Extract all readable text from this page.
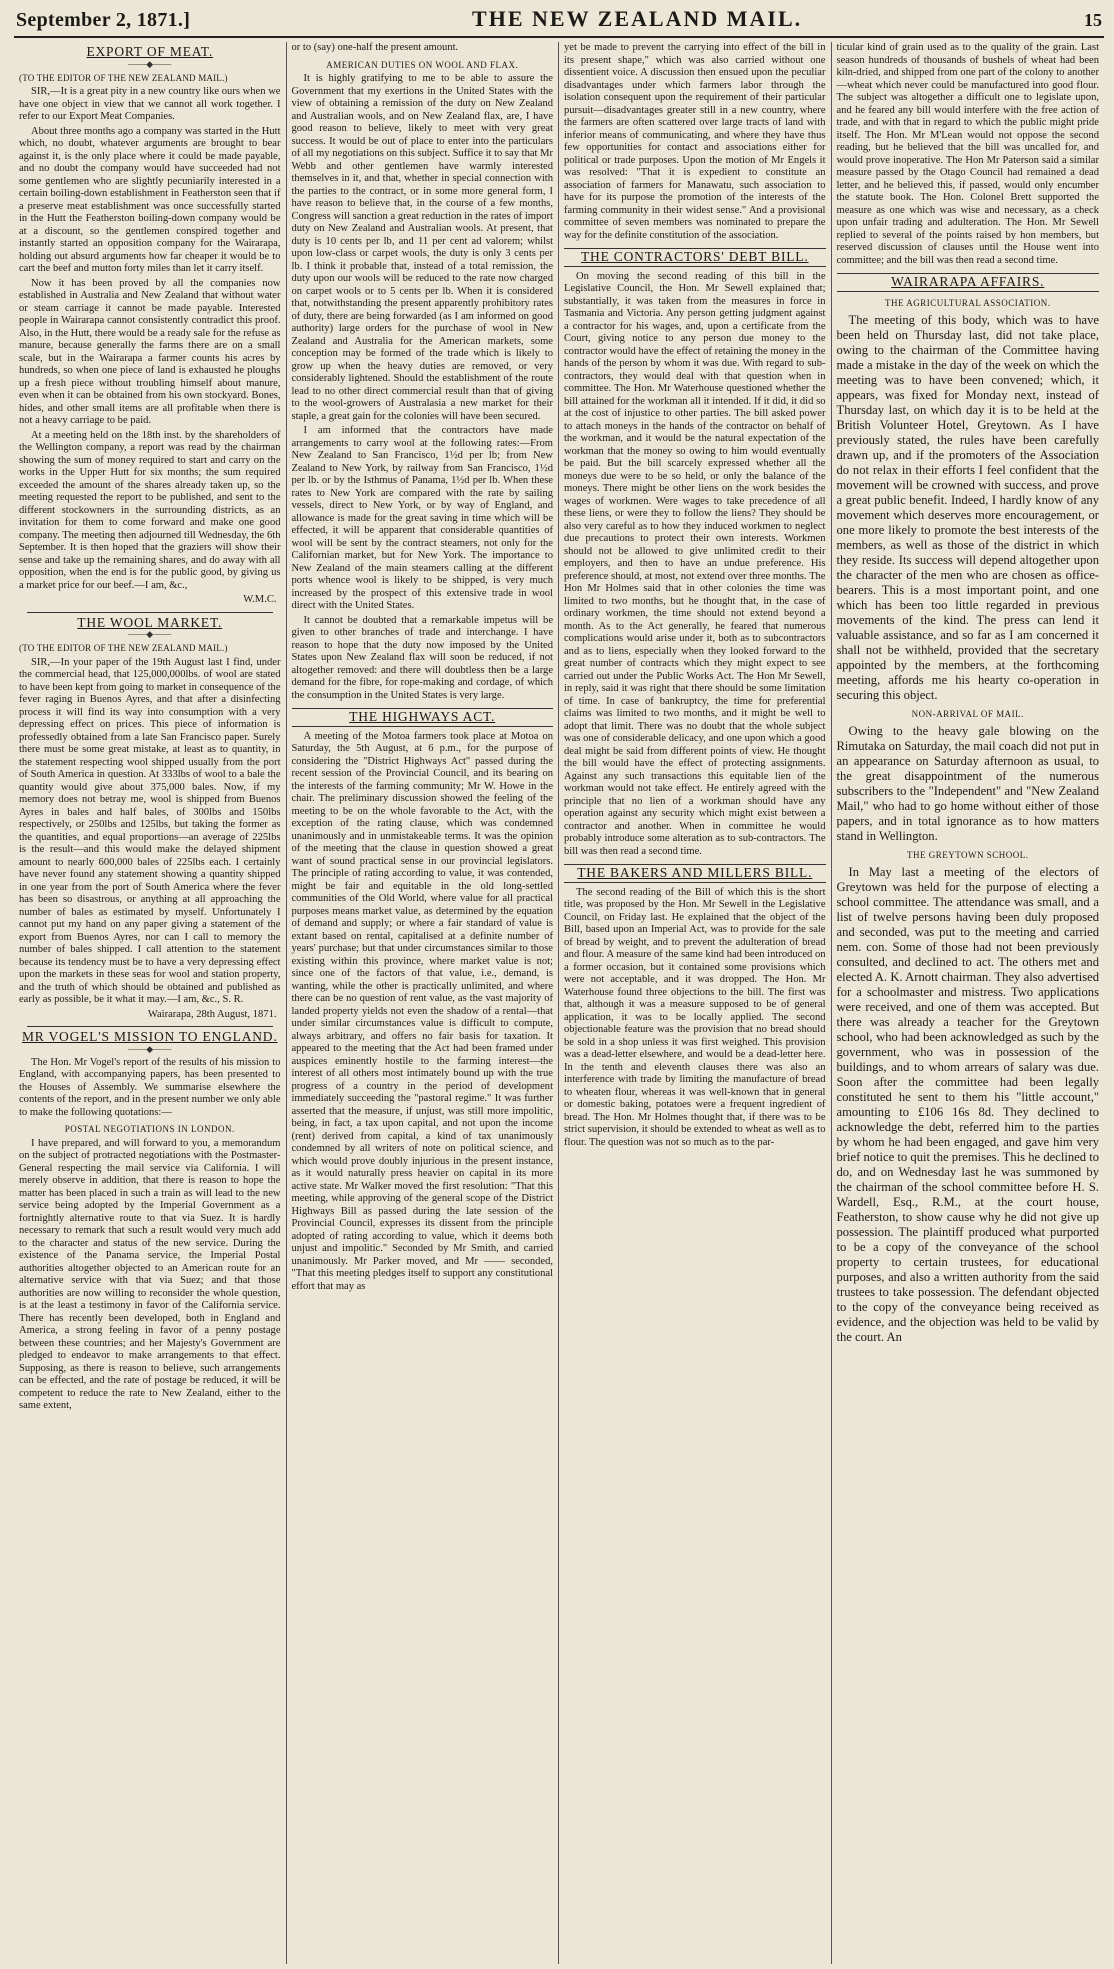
September 2, 1871.]	THE NEW ZEALAND MAIL.	15
EXPORT OF MEAT.
——◆——
(TO THE EDITOR OF THE NEW ZEALAND MAIL.)

SIR,—It is a great pity in a new country like ours when we have one object in view that we cannot all work together. I refer to our Export Meat Companies.

About three months ago a company was started in the Hutt which, no doubt, whatever arguments are brought to bear against it, is the only place where it could be made payable, and no doubt the company would have succeeded had not some gentlemen who are slightly pecuniarily interested in a certain boiling-down establishment in Featherston seen that if a preserve meat establishment was once successfully started in the Hutt the Featherston boiling-down company would be at a discount, so the gentlemen conspired together and instantly started an opposition company for the Wairarapa, holding out absurd arguments how far cheaper it would be to cart the beef and mutton forty miles than let it carry itself.

Now it has been proved by all the companies now established in Australia and New Zealand that without water or steam carriage it cannot be made payable. Interested people in Wairarapa cannot consistently contradict this proof. Also, in the Hutt, there would be a ready sale for the refuse as manure, because generally the farms there are on a small scale, but in the Wairarapa a farmer counts his acres by hundreds, so when one piece of land is exhausted he ploughs up a fresh piece without troubling himself about manure, even when it can be obtained from his own stockyard. Bones, hides, and other small items are all profitable when there is not a heavy carriage to be paid.

At a meeting held on the 18th inst. by the shareholders of the Wellington company, a report was read by the chairman showing the sum of money required to start and carry on the works in the Upper Hutt for six months; the sum required exceeded the amount of the shares already taken up, so the meeting requested the report to be published, and sent to the different stockowners in the surrounding districts, as an invitation for them to come forward and make one good company. The meeting then adjourned till Wednesday, the 6th September. It is then hoped that the graziers will show their sense and take up the remaining shares, and do away with all opposition, when the end is for the public good, by giving us a market price for our beef.—I am, &c.,

W.M.C.
THE WOOL MARKET.
——◆——
(TO THE EDITOR OF THE NEW ZEALAND MAIL.)

SIR,—In your paper of the 19th August last I find, under the commercial head, that 125,000,000lbs. of wool are stated to have been kept from going to market in consequence of the fever raging in Buenos Ayres, and that after a disinfecting process it will find its way into consumption with a very depressing effect on prices. This piece of information is professedly obtained from a late San Francisco paper. Surely there must be some great mistake, at least as to quantity, in the statement respecting wool shipped usually from the port of South America in question. At 333lbs of wool to a bale the quantity would give about 375,000 bales. Now, if my memory does not betray me, wool is shipped from Buenos Ayres in bales and half bales, of 300lbs and 150lbs respectively, or 250lbs and 125lbs, but taking the former as the quantities, and equal proportions—an average of 225lbs is the result—and this would make the delayed shipment amount to nearly 600,000 bales of 225lbs each. I certainly have never found any statement showing a quantity shipped in one year from the port of South America where the fever has been so disastrous, or anything at all approaching the number of bales as estimated by myself. Unfortunately I cannot put my hand on any paper giving a statement of the export from Buenos Ayres, nor can I call to memory the number of bales shipped. I call attention to the statement because its tendency must be to have a very depressing effect upon the markets in these seas for wool and station property, and the truth of which should be obtained and published as early as possible, be it what it may.—I am, &c., S. R.

Wairarapa, 28th August, 1871.
MR VOGEL'S MISSION TO ENGLAND.
——◆——

The Hon. Mr Vogel's report of the results of his mission to England, with accompanying papers, has been presented to the Houses of Assembly. We summarise elsewhere the contents of the report, and in the present number we only able to make the following quotations:—

POSTAL NEGOTIATIONS IN LONDON.

I have prepared, and will forward to you, a memorandum on the subject of protracted negotiations with the Postmaster-General respecting the mail service via California. I will merely observe in addition, that there is reason to hope the matter has been placed in such a train as will lead to the new service being adopted by the Imperial Government as a fortnightly alternative route to that via Suez. It is hardly necessary to remark that such a result would very much add to the character and status of the new service. During the existence of the Panama service, the Imperial Postal authorities altogether objected to an American route for an alternative service with that via Suez; and that those authorities are now willing to reconsider the whole question, is at the least a testimony in favor of the California service. There has recently been developed, both in England and America, a strong feeling in favor of a penny postage between these countries; and her Majesty's Government are pledged to endeavor to make arrangements to that effect. Supposing, as there is reason to believe, such arrangements can be effected, and the rate of postage be reduced, it will be competent to reduce the rate to New Zealand, either to the same extent,

or to (say) one-half the present amount.

AMERICAN DUTIES ON WOOL AND FLAX.

It is highly gratifying to me to be able to assure the Government that my exertions in the United States with the view of obtaining a remission of the duty on New Zealand and Australian wools, and on New Zealand flax, are, I have good reason to believe, likely to meet with very great success. It would be out of place to enter into the particulars of all my negotiations on this subject. Suffice it to say that Mr Webb and other gentlemen have warmly interested themselves in it, and that, whether in special connection with the parties to the contract, or in some more general form, I have reason to believe that, in the course of a few months, Congress will sanction a great reduction in the rates of import duty on New Zealand and Australian wools. At present, that duty is 10 cents per lb, and 11 per cent ad valorem; whilst upon low-class or carpet wools, the duty is only 3 cents per lb. I think it probable that, instead of a total remission, the duty upon our wools will be reduced to the rate now charged on carpet wools or to 5 cents per lb. When it is considered that, notwithstanding the present apparently prohibitory rates of duty, there are being forwarded (as I am informed on good authority) large orders for the purchase of wool in New Zealand and Australia for the American markets, some conception may be formed of the trade which is likely to grow up when the heavy duties are removed, or very considerably lightened. Should the establishment of the route lead to no other direct commercial result than that of giving to the wool-growers of Australasia a new market for their staple, a great gain for the colonies will have been secured.

I am informed that the contractors have made arrangements to carry wool at the following rates:—From New Zealand to San Francisco, 1½d per lb; from New Zealand to New York, by railway from San Francisco, 1½d per lb. or by the Isthmus of Panama, 1½d per lb. When these rates to New York are compared with the rate by sailing vessels, direct to New York, or by way of England, and allowance is made for the great saving in time which will be effected, it will be apparent that considerable quantities of wool will be sent by the contract steamers, not only for the Californian market, but for New York. The importance to New Zealand of the main steamers calling at the different ports whence wool is likely to be shipped, is very much increased by the prospect of this extensive trade in wool direct with the United States.

It cannot be doubted that a remarkable impetus will be given to other branches of trade and interchange. I have reason to hope that the duty now imposed by the United States upon New Zealand flax will soon be reduced, if not altogether removed: and there will doubtless then be a large demand for the fibre, for rope-making and cordage, of which the consumption in the United States is very large.

THE HIGHWAYS ACT.

A meeting of the Motoa farmers took place at Motoa on Saturday, the 5th August, at 6 p.m., for the purpose of considering the "District Highways Act" passed during the recent session of the Provincial Council, and its bearing on the interests of the farming community; Mr W. Howe in the chair. The preliminary discussion showed the feeling of the meeting to be on the whole favorable to the Act, with the exception of the rating clause, which was condemned unanimously and in unmistakeable terms. It was the opinion of the meeting that the clause in question showed a great want of sound practical sense in our provincial legislators. The principle of rating according to value, it was contended, might be fair and equitable in the old long-settled communities of the Old World, where value for all practical purposes means market value, as determined by the equation of demand and supply; or where a fair standard of value is extant based on rental, capitalised at a definite number of years' purchase; but that under circumstances similar to those existing within this province, where market value is not; since one of the factors of that value, i.e., demand, is wanting, while the other is practically unlimited, and where there can be no question of rent value, as the vast majority of landed property yields not even the shadow of a rental—that under similar circumstances value is difficult to compute, always arbitrary, and offers no fair basis for taxation. It appeared to the meeting that the Act had been framed under auspices eminently hostile to the farming interest—the interest of all others most intimately bound up with the true progress of a country in the period of development immediately succeeding the "pastoral regime." It was further asserted that the measure, if unjust, was still more impolitic, being, in fact, a tax upon capital, and not upon the income (rent) derived from capital, a kind of tax unanimously condemned by all writers of note on political science, and which would prove doubly injurious in the present instance, as it would naturally press heavier on capital in its more active state. Mr Walker moved the first resolution: "That this meeting, while approving of the general scope of the District Highways Bill as passed during the late session of the Provincial Council, expresses its dissent from the principle adopted of rating according to value, which it deems both unjust and impolitic." Seconded by Mr Smith, and carried unanimously. Mr Parker moved, and Mr —— seconded, "That this meeting pledges itself to support any constitutional effort that may as

yet be made to prevent the carrying into effect of the bill in its present shape," which was also carried without one dissentient voice. A discussion then ensued upon the peculiar disadvantages under which farmers labor through the isolation consequent upon the requirement of their particular pursuit—disadvantages greater still in a new country, where the farmers are often scattered over large tracts of land with inferior means of communicating, and where they have thus few opportunities for contact and associations either for political or trade purposes. Upon the motion of Mr Engels it was resolved: "That it is expedient to constitute an association of farmers for Manawatu, such association to have for its purpose the promotion of the interests of the farming community in their widest sense." And a provisional committee of seven members was nominated to prepare the way for the definite constitution of the association.

THE CONTRACTORS' DEBT BILL.

On moving the second reading of this bill in the Legislative Council, the Hon. Mr Sewell explained that; substantially, it was taken from the measures in force in Tasmania and Victoria. Any person getting judgment against a contractor for his wages, and, upon a certificate from the Court, giving notice to any person due money to the contractor would have the effect of retaining the money in the hands of the person by whom it was due. With regard to sub-contractors, they would deal with that question when in committee. The Hon. Mr Waterhouse questioned whether the bill attained for the workman all it intended. If it did, it did so at the cost of injustice to other parties. The bill asked power to attach moneys in the hands of the contractor on behalf of the workman, and it would be the natural expectation of the workman that the money so owing to him would eventually be paid. But the bill scarcely expressed whether all the moneys due were to be so held, or only the balance of the moneys. There might be other liens on the work besides the wages of workmen. Were wages to take precedence of all these liens, or were they to follow the liens? They should be also very careful as to how they induced workmen to neglect due precautions to protect their own interests. Workmen should not be allowed to give unlimited credit to their employers, and then to have an undue preference. His preference should, at most, not extend over three months. The Hon Mr Holmes said that in other colonies the time was limited to two months, but he thought that, in the case of ordinary workmen, the time should not extend beyond a month. As to the Act generally, he feared that numerous complications would arise under it, both as to subcontractors and as to liens, especially when they looked forward to the great number of contracts which they might expect to see carried out under the Public Works Act. The Hon Mr Sewell, in reply, said it was right that there should be some limitation of time. In case of bankruptcy, the time for preferential claims was limited to two months, and it might be well to adopt that limit. There was no doubt that the whole subject was one of considerable delicacy, and one upon which a good deal might be said from different points of view. He thought the bill would have the effect of protecting assignments. Against any such transactions this equitable lien of the workman would not take effect. He entirely agreed with the principle that no lien of a workman should have any operation against any security which might exist between a contractor and another. When in committee he would probably introduce some alteration as to sub-contractors. The bill was then read a second time.

THE BAKERS AND MILLERS BILL.

The second reading of the Bill of which this is the short title, was proposed by the Hon. Mr Sewell in the Legislative Council, on Friday last. He explained that the object of the Bill, based upon an Imperial Act, was to provide for the sale of bread by weight, and to prevent the adulteration of bread and flour. A measure of the same kind had been introduced on a former occasion, but it contained some provisions which were not acceptable, and it was dropped. The Hon. Mr Waterhouse found three objections to the bill. The first was that, although it was a measure supposed to be of general application, it was to be locally applied. The second objectionable feature was the provision that no bread should be sold in a shop unless it was first weighed. This provision was a dead-letter elsewhere, and would be a dead-letter here. In the tenth and eleventh clauses there was also an interference with trade by limiting the manufacture of bread to wheaten flour, whereas it was well-known that in general or domestic baking, potatoes were a frequent ingredient of bread. The Hon. Mr Holmes thought that, if there was to be strict supervision, it should be extended to wheat as well as to flour. The question was not so much as to the par-

ticular kind of grain used as to the quality of the grain. Last season hundreds of thousands of bushels of wheat had been kiln-dried, and shipped from one part of the colony to another—wheat which never could be manufactured into good flour. The subject was altogether a difficult one to legislate upon, and he feared any bill would interfere with the free action of trade, and with that in regard to which the public might pride itself. The Hon. Mr M'Lean would not oppose the second reading, but he believed that the bill was uncalled for, and would prove inoperative. The Hon Mr Paterson said a similar measure passed by the Otago Council had remained a dead letter, and he believed this, if passed, would only encumber the statute book. The Hon. Colonel Brett supported the measure as one which was wise and necessary, as a check upon unfair trading and adulteration. The Hon. Mr Sewell replied to several of the points raised by hon members, but reserved discussion of clauses until the House went into committee; and the bill was then read a second time.

WAIRARAPA AFFAIRS.
THE AGRICULTURAL ASSOCIATION.

The meeting of this body, which was to have been held on Thursday last, did not take place, owing to the chairman of the Committee having made a mistake in the day of the week on which the meeting was to have been convened; which, it appears, was fixed for Monday next, instead of Thursday last, on which day it is to be held at the British Volunteer Hotel, Greytown. As I have previously stated, the rules have been carefully drawn up, and if the promoters of the Association do not relax in their efforts I feel confident that the movement will be crowned with success, and prove a great public benefit. Indeed, I hardly know of any movement which deserves more encouragement, or one more likely to promote the best interests of the members, as well as those of the district in which they reside. Its success will depend altogether upon the character of the men who are chosen as office-bearers. This is a most important point, and one which has been too little regarded in previous movements of the kind. The press can lend it valuable assistance, and so far as I am concerned it shall not be withheld, provided that the secretary appointed by the members, at the forthcoming meeting, affords me his hearty co-operation in securing this object.

NON-ARRIVAL OF MAIL.

Owing to the heavy gale blowing on the Rimutaka on Saturday, the mail coach did not put in an appearance on Saturday afternoon as usual, to the great disappointment of the numerous subscribers to the "Independent" and "New Zealand Mail," who had to go home without either of those papers, and in total ignorance as to how matters stand in Wellington.

THE GREYTOWN SCHOOL.

In May last a meeting of the electors of Greytown was held for the purpose of electing a school committee. The attendance was small, and a list of twelve persons having been duly proposed and seconded, was put to the meeting and carried nem. con. Some of those had not been previously consulted, and declined to act. The others met and elected A. K. Arnott chairman. They also advertised for a schoolmaster and mistress. Two applications were received, and one of them was accepted. But there was already a teacher for the Greytown school, who had been acknowledged as such by the government, who was in possession of the buildings, and to whom arrears of salary was due. Soon after the committee had been legally constituted he sent to them his "little account," amounting to £106 16s 8d. They declined to acknowledge the debt, referred him to the parties by whom he had been engaged, and gave him very brief notice to quit the premises. This he declined to do, and on Wednesday last he was summoned by the chairman of the school committee before H. S. Wardell, Esq., R.M., at the court house, Featherston, to show cause why he did not give up possession. The plaintiff produced what purported to be a copy of the conveyance of the school property to certain trustees, for educational purposes, and also a written authority from the said trustees to take possession. The defendant objected to the copy of the conveyance being received as evidence, and the objection was held to be valid by the court. An
